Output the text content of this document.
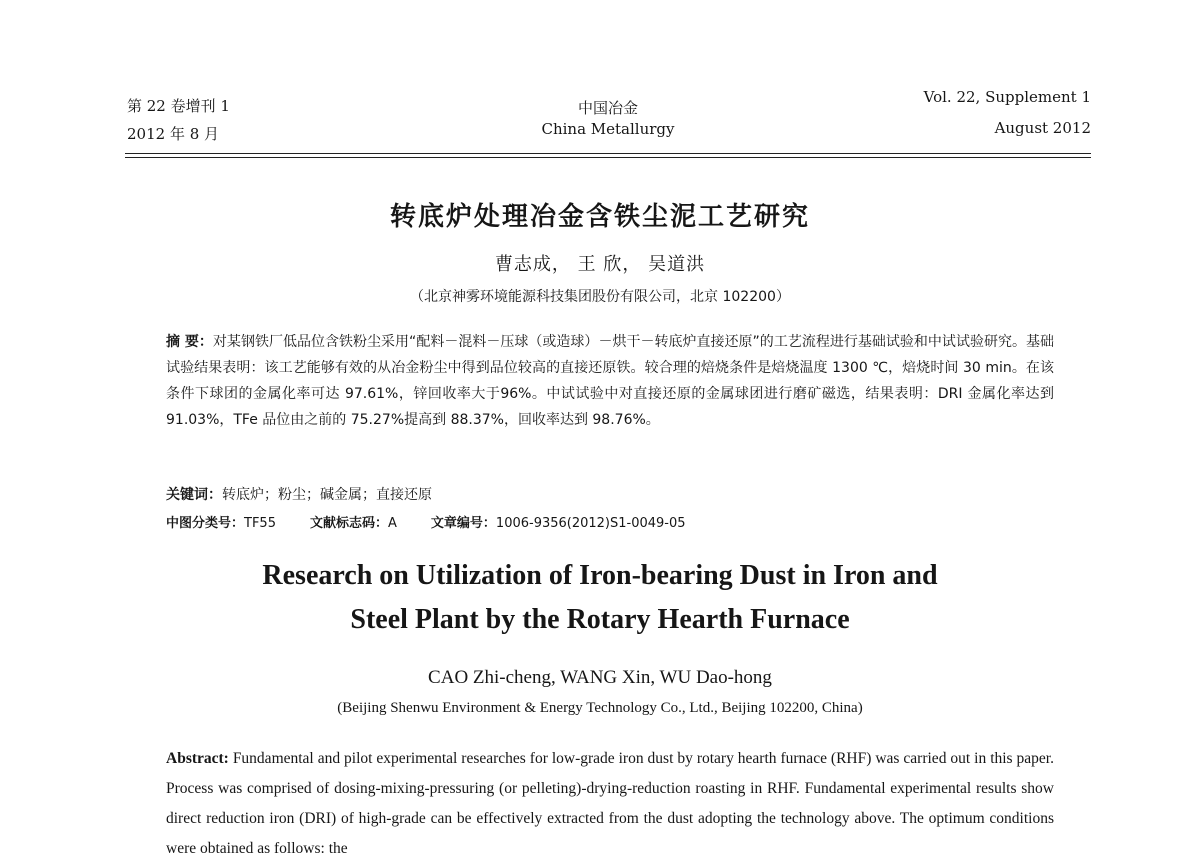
第 22 卷增刊 1
2012 年 8 月
中国冶金
China Metallurgy
Vol. 22, Supplement 1
August 2012
转底炉处理冶金含铁尘泥工艺研究
曹志成， 王 欣， 吴道洪
（北京神雾环境能源科技集团股份有限公司，北京 102200）

摘 要：对某钢铁厂低品位含铁粉尘采用“配料－混料－压球（或造球）－烘干－转底炉直接还原”的工艺流程进行基础试验和中试试验研究。基础试验结果表明：该工艺能够有效的从冶金粉尘中得到品位较高的直接还原铁。较合理的焙烧条件是焙烧温度 1300 ℃，焙烧时间 30 min。在该条件下球团的金属化率可达 97.61%，锌回收率大于96%。中试试验中对直接还原的金属球团进行磨矿磁选，结果表明：DRI 金属化率达到 91.03%，TFe 品位由之前的 75.27%提高到 88.37%，回收率达到 98.76%。

关键词：转底炉；粉尘；碱金属；直接还原
中图分类号：TF55	文献标志码：A	文章编号：1006-9356(2012)S1-0049-05
Research on Utilization of Iron-bearing Dust in Iron and
Steel Plant by the Rotary Hearth Furnace
CAO Zhi-cheng, WANG Xin, WU Dao-hong
(Beijing Shenwu Environment & Energy Technology Co., Ltd., Beijing 102200, China)
Abstract: Fundamental and pilot experimental researches for low-grade iron dust by rotary hearth furnace (RHF) was carried out in this paper. Process was comprised of dosing-mixing-pressuring (or pelleting)-drying-reduction roasting in RHF. Fundamental experimental results show direct reduction iron (DRI) of high-grade can be effectively extracted from the dust adopting the technology above. The optimum conditions were obtained as follows: the
